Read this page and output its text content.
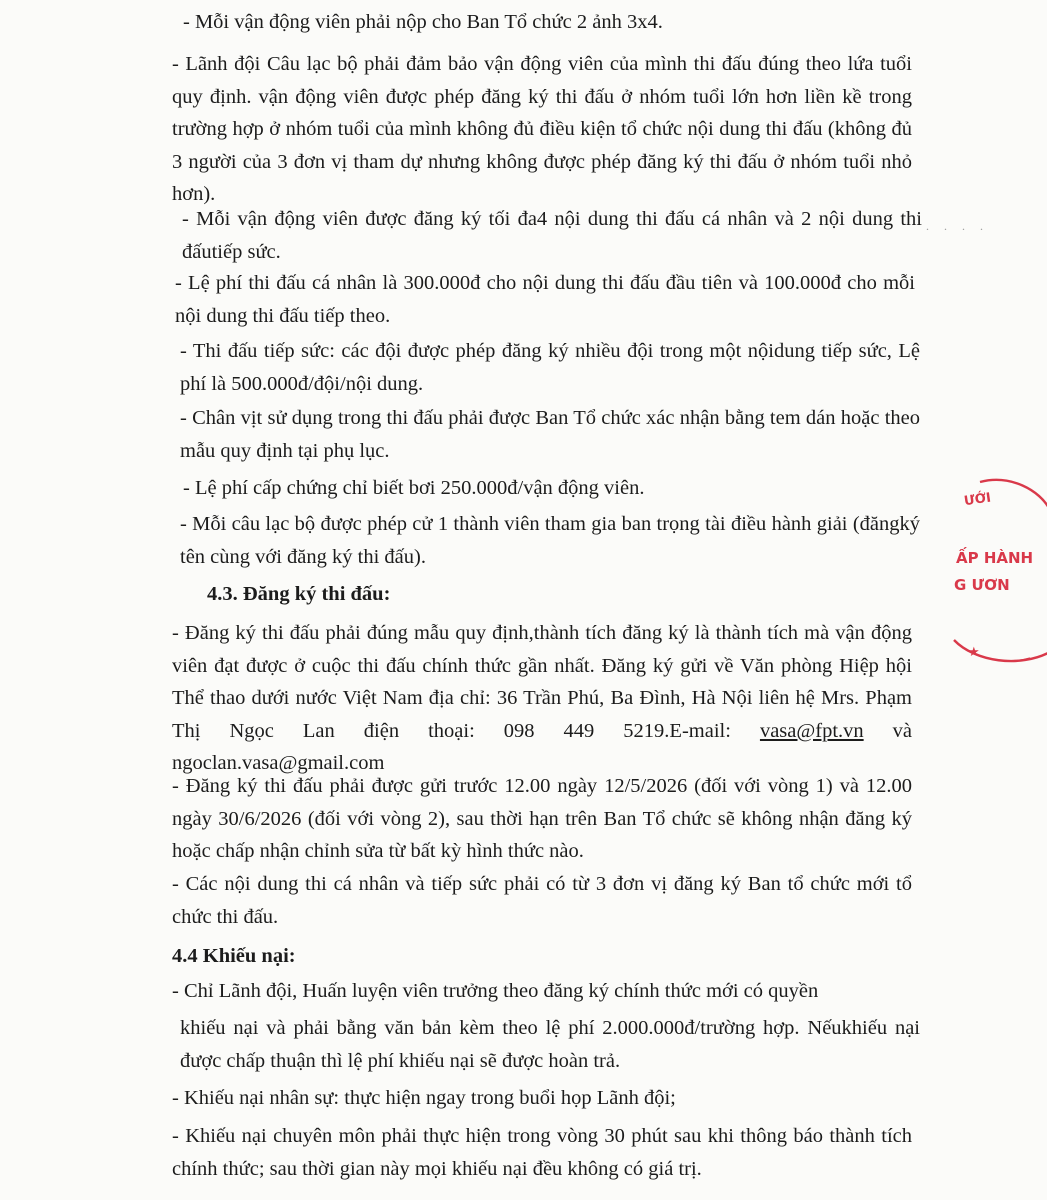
- Mỗi vận động viên phải nộp cho Ban Tổ chức 2 ảnh 3x4.

- Lãnh đội Câu lạc bộ phải đảm bảo vận động viên của mình thi đấu đúng theo lứa tuổi quy định. vận động viên được phép đăng ký thi đấu ở nhóm tuổi lớn hơn liền kề trong trường hợp ở nhóm tuổi của mình không đủ điều kiện tổ chức nội dung thi đấu (không đủ 3 người của 3 đơn vị tham dự nhưng không được phép đăng ký thi đấu ở nhóm tuổi nhỏ hơn).

- Mỗi vận động viên được đăng ký tối đa4 nội dung thi đấu cá nhân và 2 nội dung thi đấutiếp sức.

- Lệ phí thi đấu cá nhân là 300.000đ cho nội dung thi đấu đầu tiên và 100.000đ cho mỗi nội dung thi đấu tiếp theo.

- Thi đấu tiếp sức: các đội được phép đăng ký nhiều đội trong một nộidung tiếp sức, Lệ phí là 500.000đ/đội/nội dung.

- Chân vịt sử dụng trong thi đấu phải được Ban Tổ chức xác nhận bằng tem dán hoặc theo mẫu quy định tại phụ lục.

- Lệ phí cấp chứng chỉ biết bơi 250.000đ/vận động viên.

- Mỗi câu lạc bộ được phép cử 1 thành viên tham gia ban trọng tài điều hành giải (đăngký tên cùng với đăng ký thi đấu).

4.3. Đăng ký thi đấu:

- Đăng ký thi đấu phải đúng mẫu quy định,thành tích đăng ký là thành tích mà vận động viên đạt được ở cuộc thi đấu chính thức gần nhất. Đăng ký gửi về Văn phòng Hiệp hội Thể thao dưới nước Việt Nam địa chỉ: 36 Trần Phú, Ba Đình, Hà Nội liên hệ Mrs. Phạm Thị Ngọc Lan điện thoại: 098 449 5219.E-mail: vasa@fpt.vn và ngoclan.vasa@gmail.com

- Đăng ký thi đấu phải được gửi trước 12.00 ngày 12/5/2026 (đối với vòng 1) và 12.00 ngày 30/6/2026 (đối với vòng 2), sau thời hạn trên Ban Tổ chức sẽ không nhận đăng ký hoặc chấp nhận chỉnh sửa từ bất kỳ hình thức nào.

- Các nội dung thi cá nhân và tiếp sức phải có từ 3 đơn vị đăng ký Ban tổ chức mới tổ chức thi đấu.

4.4 Khiếu nại:

- Chỉ Lãnh đội, Huấn luyện viên trưởng theo đăng ký chính thức mới có quyền

khiếu nại và phải bằng văn bản kèm theo lệ phí 2.000.000đ/trường hợp. Nếukhiếu nại được chấp thuận thì lệ phí khiếu nại sẽ được hoàn trả.

- Khiếu nại nhân sự: thực hiện ngay trong buổi họp Lãnh đội;

- Khiếu nại chuyên môn phải thực hiện trong vòng 30 phút sau khi thông báo thành tích chính thức; sau thời gian này mọi khiếu nại đều không có giá trị.

. . . .
ƯỚI
ẤP HÀNH
G ƯƠN
★
